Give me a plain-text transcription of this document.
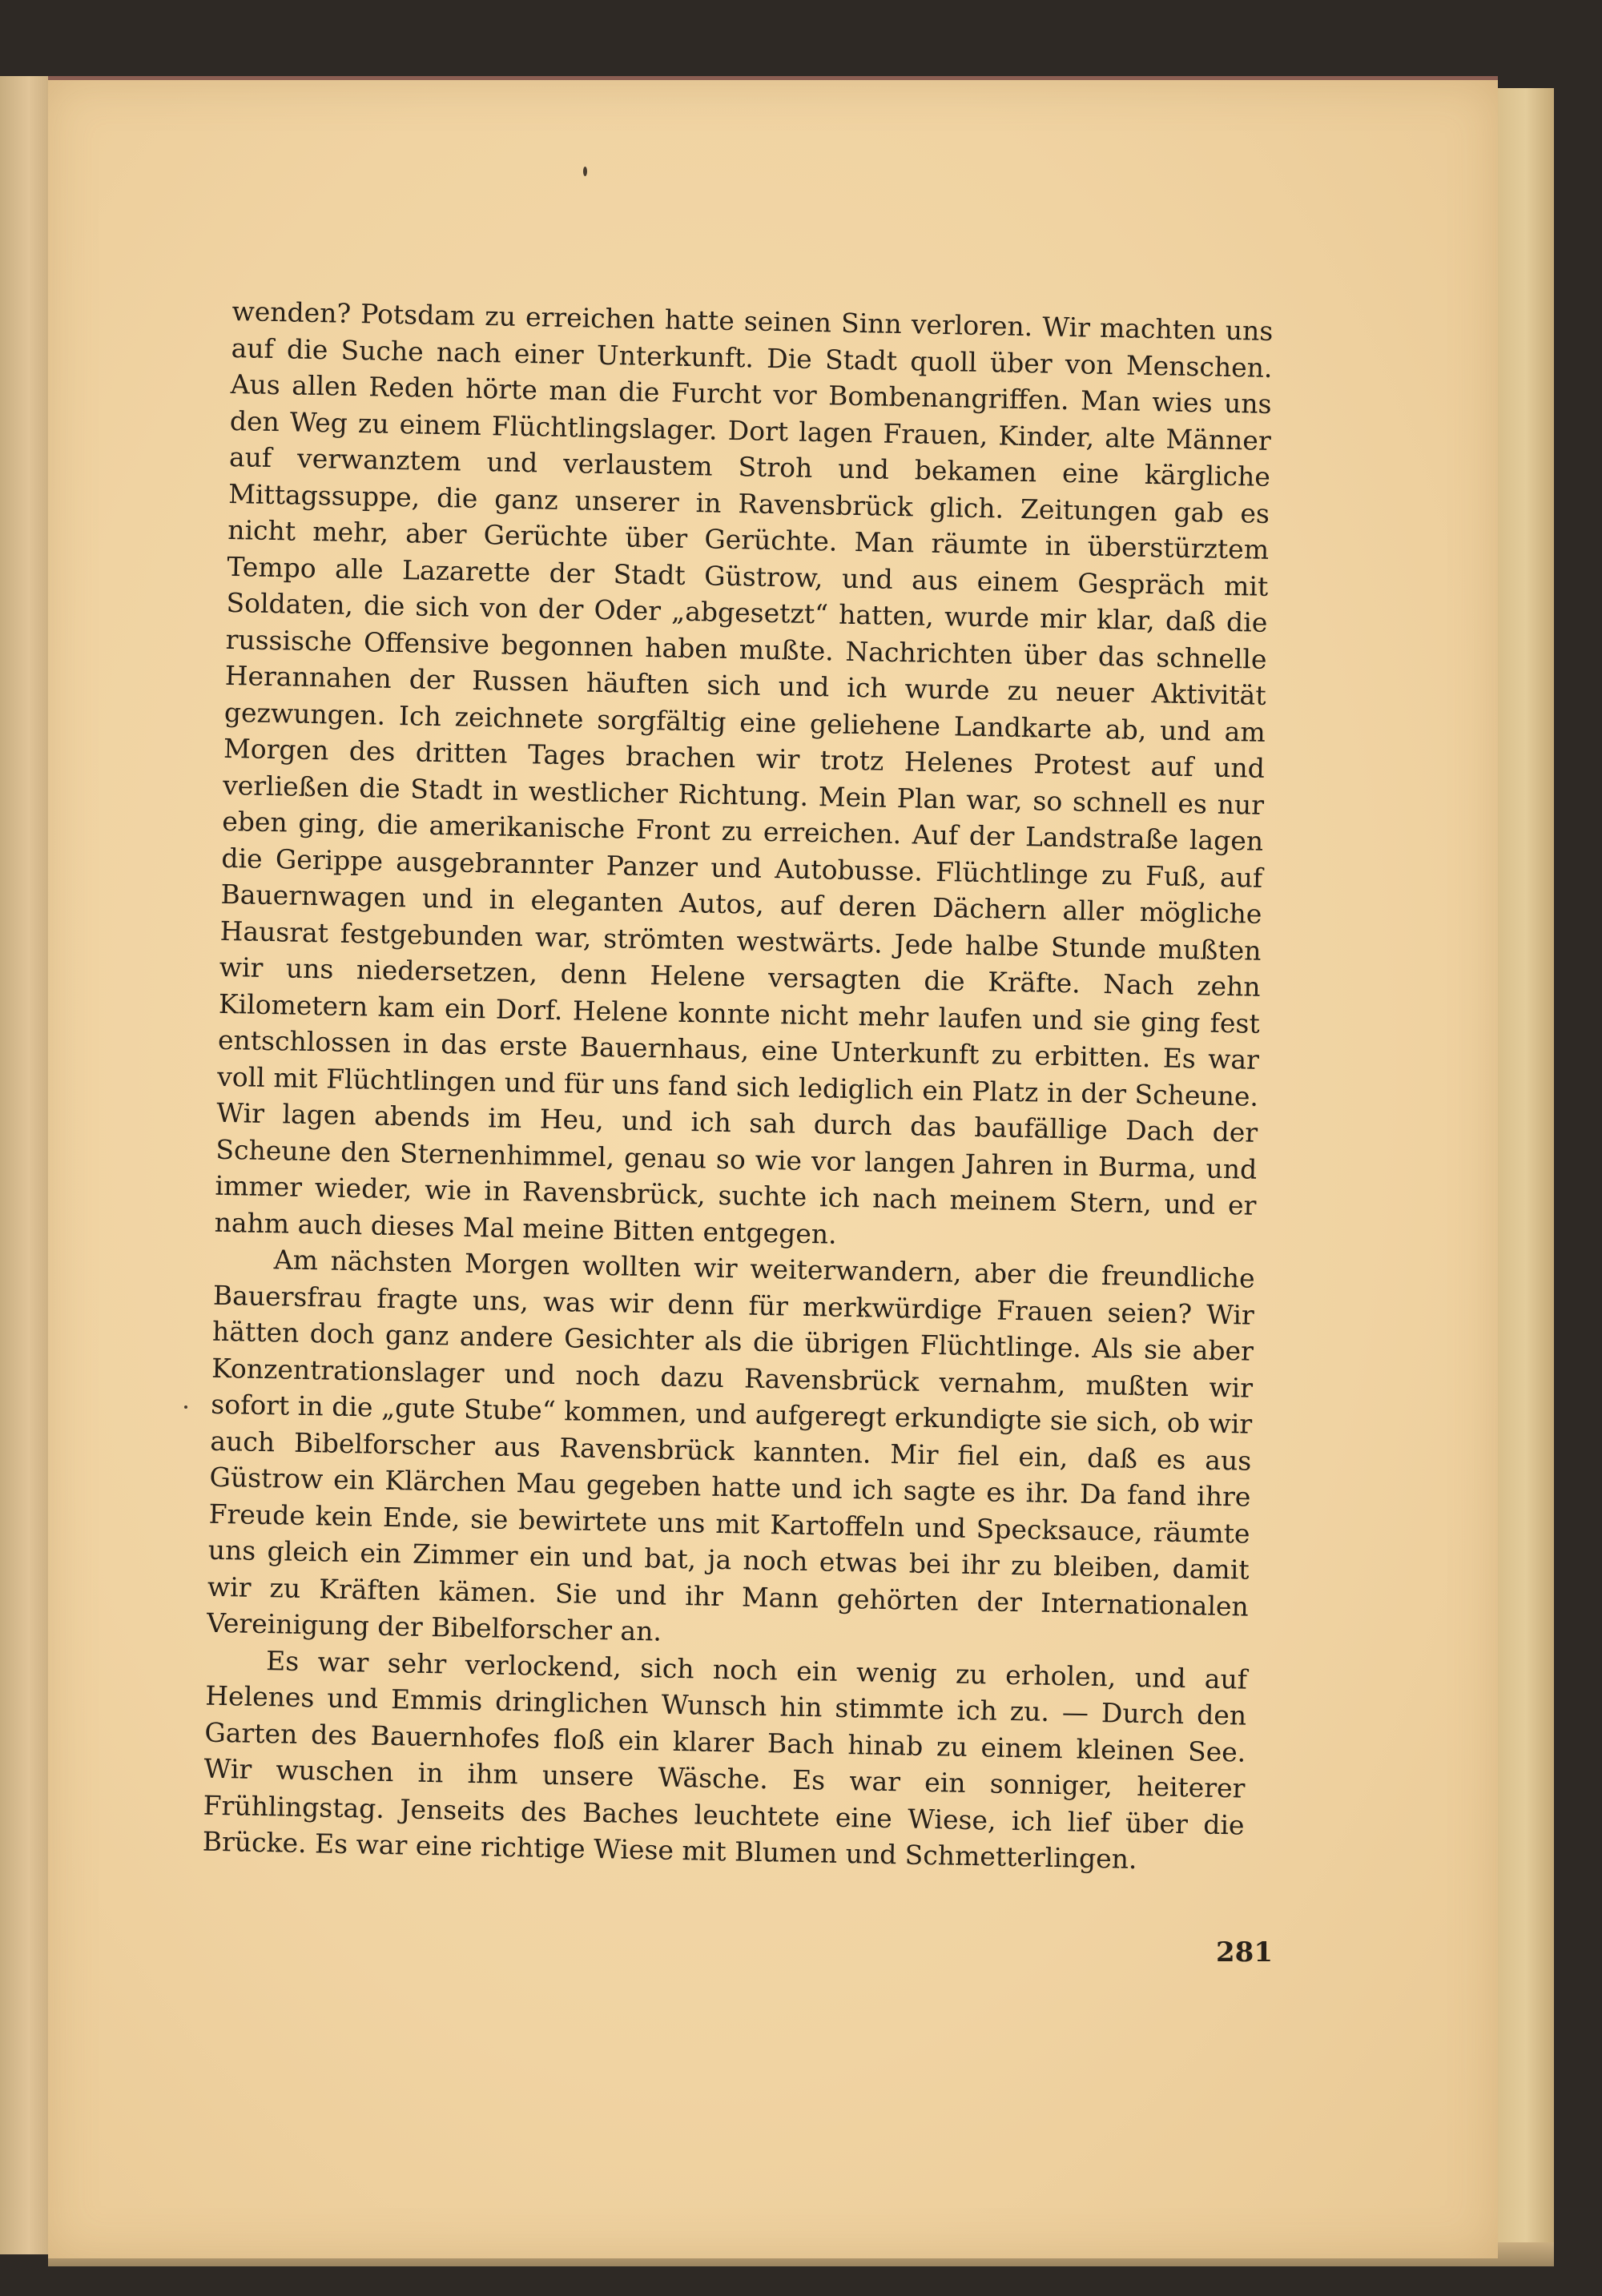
wenden? Potsdam zu erreichen hatte seinen Sinn verloren. Wir machten uns auf die Suche nach einer Unterkunft. Die Stadt quoll über von Menschen. Aus allen Reden hörte man die Furcht vor Bombenangriffen. Man wies uns den Weg zu einem Flüchtlingslager. Dort lagen Frauen, Kinder, alte Männer auf verwanztem und verlaustem Stroh und bekamen eine kärgliche Mittagssuppe, die ganz unserer in Ravensbrück glich. Zeitungen gab es nicht mehr, aber Gerüchte über Gerüchte. Man räumte in überstürztem Tempo alle Lazarette der Stadt Güstrow, und aus einem Gespräch mit Soldaten, die sich von der Oder „abgesetzt“ hatten, wurde mir klar, daß die russische Offensive begonnen haben mußte. Nachrichten über das schnelle Herannahen der Russen häuften sich und ich wurde zu neuer Aktivität gezwungen. Ich zeichnete sorgfältig eine geliehene Landkarte ab, und am Morgen des dritten Tages brachen wir trotz Helenes Protest auf und verließen die Stadt in westlicher Richtung. Mein Plan war, so schnell es nur eben ging, die amerikanische Front zu erreichen. Auf der Landstraße lagen die Gerippe ausgebrannter Panzer und Autobusse. Flüchtlinge zu Fuß, auf Bauernwagen und in eleganten Autos, auf deren Dächern aller mögliche Hausrat festgebunden war, strömten westwärts. Jede halbe Stunde mußten wir uns niedersetzen, denn Helene versagten die Kräfte. Nach zehn Kilometern kam ein Dorf. Helene konnte nicht mehr laufen und sie ging fest entschlossen in das erste Bauernhaus, eine Unterkunft zu erbitten. Es war voll mit Flüchtlingen und für uns fand sich lediglich ein Platz in der Scheune. Wir lagen abends im Heu, und ich sah durch das baufällige Dach der Scheune den Sternenhimmel, genau so wie vor langen Jahren in Burma, und immer wieder, wie in Ravensbrück, suchte ich nach meinem Stern, und er nahm auch dieses Mal meine Bitten entgegen.

Am nächsten Morgen wollten wir weiterwandern, aber die freundliche Bauersfrau fragte uns, was wir denn für merkwürdige Frauen seien? Wir hätten doch ganz andere Gesichter als die übrigen Flüchtlinge. Als sie aber Konzentrationslager und noch dazu Ravensbrück vernahm, mußten wir sofort in die „gute Stube“ kommen, und aufgeregt erkundigte sie sich, ob wir auch Bibelforscher aus Ravensbrück kannten. Mir fiel ein, daß es aus Güstrow ein Klärchen Mau gegeben hatte und ich sagte es ihr. Da fand ihre Freude kein Ende, sie bewirtete uns mit Kartoffeln und Specksauce, räumte uns gleich ein Zimmer ein und bat, ja noch etwas bei ihr zu bleiben, damit wir zu Kräften kämen. Sie und ihr Mann gehörten der Internationalen Vereinigung der Bibelforscher an.

Es war sehr verlockend, sich noch ein wenig zu erholen, und auf Helenes und Emmis dringlichen Wunsch hin stimmte ich zu. — Durch den Garten des Bauernhofes floß ein klarer Bach hinab zu einem kleinen See. Wir wuschen in ihm unsere Wäsche. Es war ein sonniger, heiterer Frühlingstag. Jenseits des Baches leuchtete eine Wiese, ich lief über die Brücke. Es war eine richtige Wiese mit Blumen und Schmetterlingen.

281
